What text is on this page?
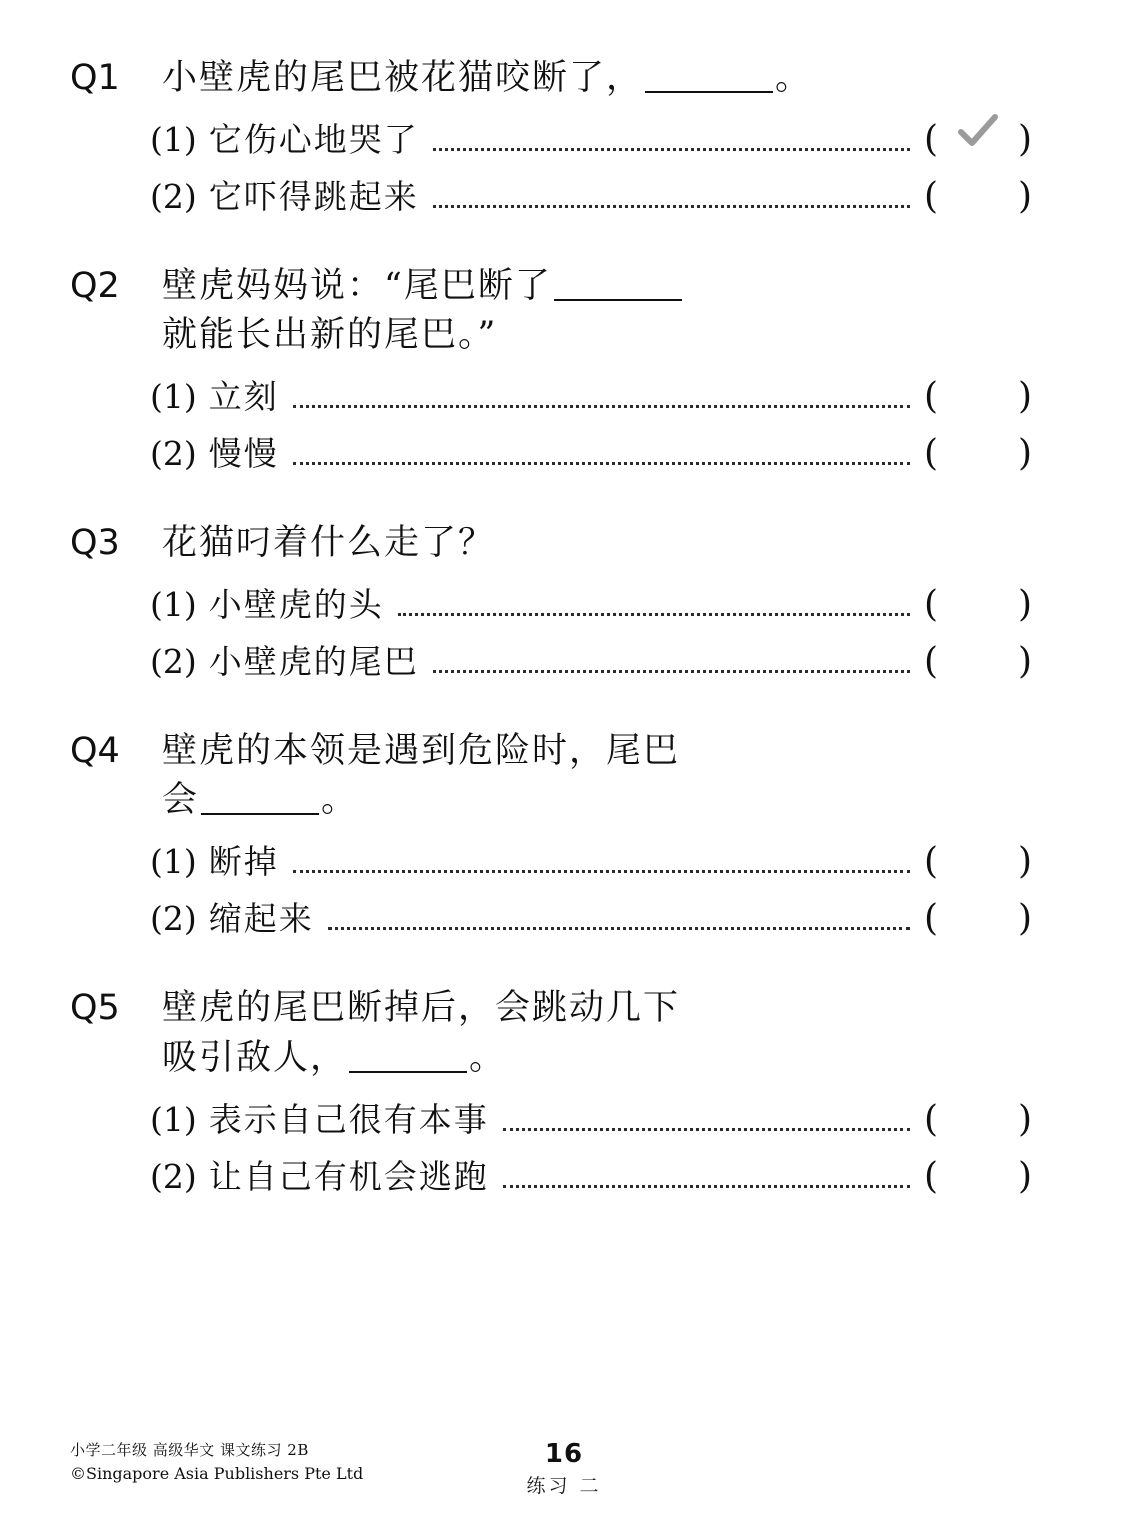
Q1	小壁虎的尾巴被花猫咬断了，	。
(1) 它伤心地哭了	( )
(2) 它吓得跳起来	( )
Q2	壁虎妈妈说：“尾巴断了
就能长出新的尾巴。”
(1) 立刻	( )
(2) 慢慢	( )
Q3	花猫叼着什么走了？
(1) 小壁虎的头	( )
(2) 小壁虎的尾巴	( )
Q4	壁虎的本领是遇到危险时，尾巴
会	。
(1) 断掉	( )
(2) 缩起来	( )
Q5	壁虎的尾巴断掉后，会跳动几下
吸引敌人，	。
(1) 表示自己很有本事	( )
(2) 让自己有机会逃跑	( )
小学二年级 高级华文 课文练习 2B
©Singapore Asia Publishers Pte Ltd
16
练习 二
